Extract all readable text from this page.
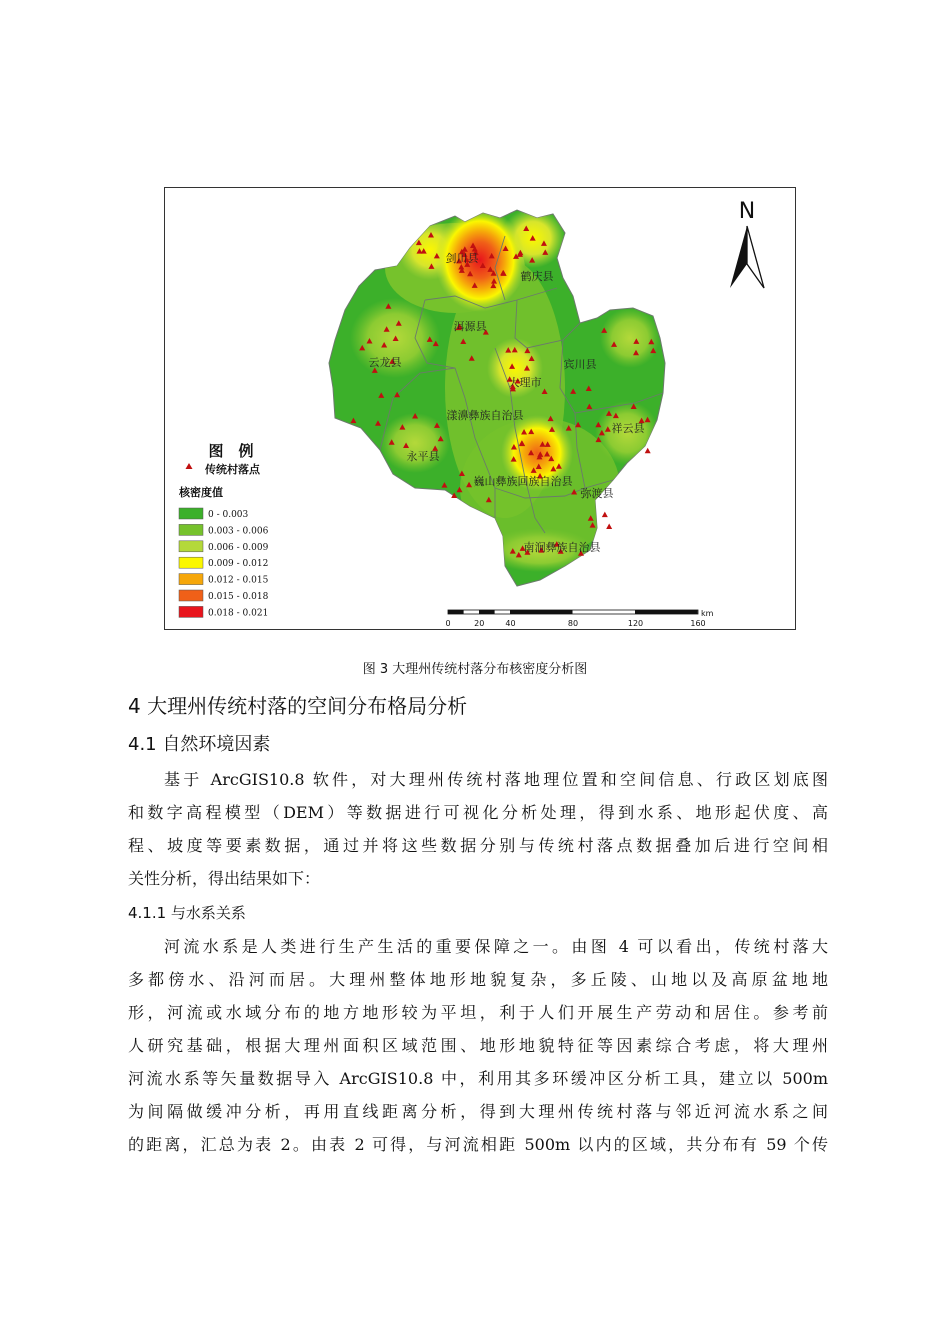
剑川县
鹤庆县
洱源县
云龙县	宾川县
大理市
漾濞彝族自治县
祥云县
永平县
巍山彝族回族自治县
弥渡县
南涧彝族自治县
N
图　例
传统村落点
核密度值
0 - 0.003
0.003 - 0.006
0.006 - 0.009
0.009 - 0.012
0.012 - 0.015
0.015 - 0.018
0.018 - 0.021
0	20	40	80	120	160
km
图 3 大理州传统村落分布核密度分析图
4 大理州传统村落的空间分布格局分析
4.1 自然环境因素
基于 ArcGIS10.8 软件，对大理州传统村落地理位置和空间信息、行政区划底图
和数字高程模型（DEM）等数据进行可视化分析处理，得到水系、地形起伏度、高
程、坡度等要素数据，通过并将这些数据分别与传统村落点数据叠加后进行空间相
关性分析，得出结果如下：
4.1.1 与水系关系
河流水系是人类进行生产生活的重要保障之一。由图 4 可以看出，传统村落大
多都傍水、沿河而居。大理州整体地形地貌复杂，多丘陵、山地以及高原盆地地
形，河流或水域分布的地方地形较为平坦，利于人们开展生产劳动和居住。参考前
人研究基础，根据大理州面积区域范围、地形地貌特征等因素综合考虑，将大理州
河流水系等矢量数据导入 ArcGIS10.8 中，利用其多环缓冲区分析工具，建立以 500m
为间隔做缓冲分析，再用直线距离分析，得到大理州传统村落与邻近河流水系之间
的距离，汇总为表 2。由表 2 可得，与河流相距 500m 以内的区域，共分布有 59 个传
